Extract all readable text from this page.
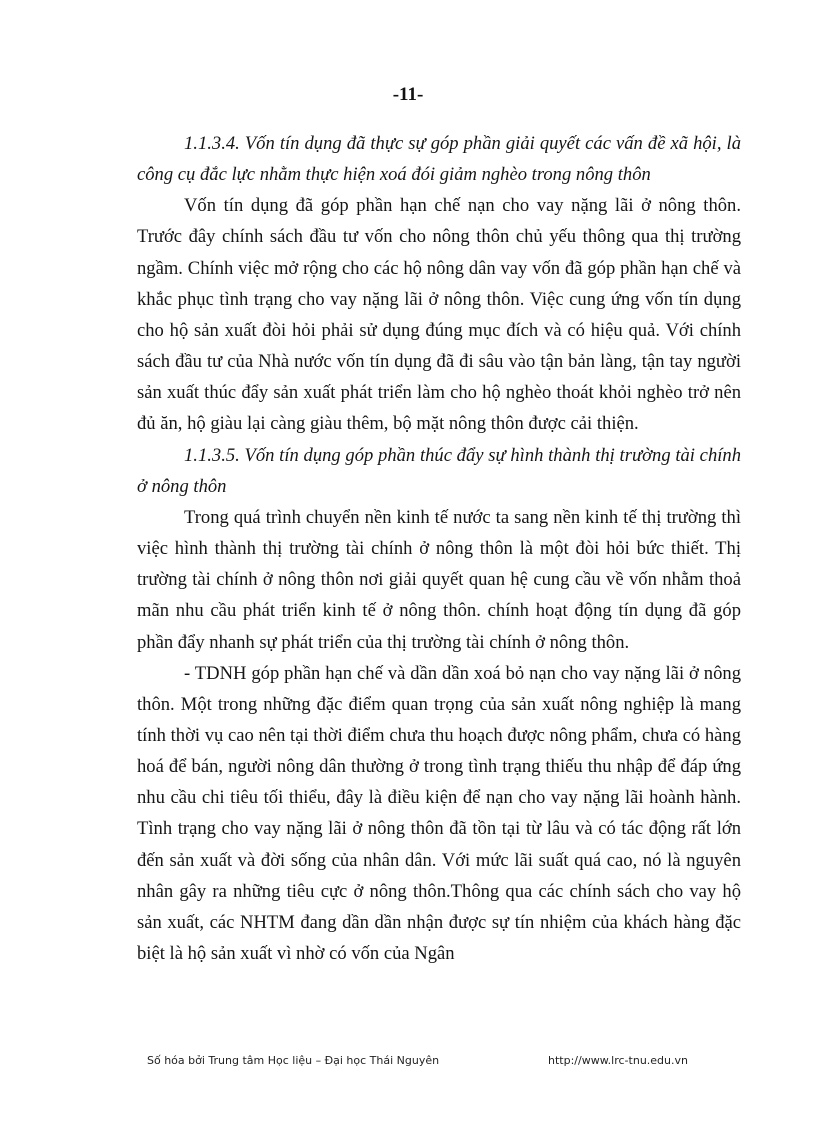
-11-

1.1.3.4. Vốn tín dụng đã thực sự góp phần giải quyết các vấn đề xã hội, là công cụ đắc lực nhằm thực hiện xoá đói giảm nghèo trong nông thôn

Vốn tín dụng đã góp phần hạn chế nạn cho vay nặng lãi ở nông thôn. Trước đây chính sách đầu tư vốn cho nông thôn chủ yếu thông qua thị trường ngầm. Chính việc mở rộng cho các hộ nông dân vay vốn đã góp phần hạn chế và khắc phục tình trạng cho vay nặng lãi ở nông thôn. Việc cung ứng vốn tín dụng cho hộ sản xuất đòi hỏi phải sử dụng đúng mục đích và có hiệu quả. Với chính sách đầu tư của Nhà nước vốn tín dụng đã đi sâu vào tận bản làng, tận tay người sản xuất thúc đẩy sản xuất phát triển làm cho hộ nghèo thoát khỏi nghèo trở nên đủ ăn, hộ giàu lại càng giàu thêm, bộ mặt nông thôn được cải thiện.

1.1.3.5. Vốn tín dụng góp phần thúc đẩy sự hình thành thị trường tài chính ở nông thôn

Trong quá trình chuyển nền kinh tế nước ta sang nền kinh tế thị trường thì việc hình thành thị trường tài chính ở nông thôn là một đòi hỏi bức thiết. Thị trường tài chính ở nông thôn nơi giải quyết quan hệ cung cầu về vốn nhằm thoả mãn nhu cầu phát triển kinh tế ở nông thôn. chính hoạt động tín dụng đã góp phần đẩy nhanh sự phát triển của thị trường tài chính ở nông thôn.

- TDNH góp phần hạn chế và dần dần xoá bỏ nạn cho vay nặng lãi ở nông thôn. Một trong những đặc điểm quan trọng của sản xuất nông nghiệp là mang tính thời vụ cao nên tại thời điểm chưa thu hoạch được nông phẩm, chưa có hàng hoá để bán, người nông dân thường ở trong tình trạng thiếu thu nhập để đáp ứng nhu cầu chi tiêu tối thiểu, đây là điều kiện để nạn cho vay nặng lãi hoành hành. Tình trạng cho vay nặng lãi ở nông thôn đã tồn tại từ lâu và có tác động rất lớn đến sản xuất và đời sống của nhân dân. Với mức lãi suất quá cao, nó là nguyên nhân gây ra những tiêu cực ở nông thôn.Thông qua các chính sách cho vay hộ sản xuất, các NHTM đang dần dần nhận được sự tín nhiệm của khách hàng đặc biệt là hộ sản xuất vì nhờ có vốn của Ngân

Số hóa bởi Trung tâm Học liệu – Đại học Thái Nguyên	http://www.lrc-tnu.edu.vn
